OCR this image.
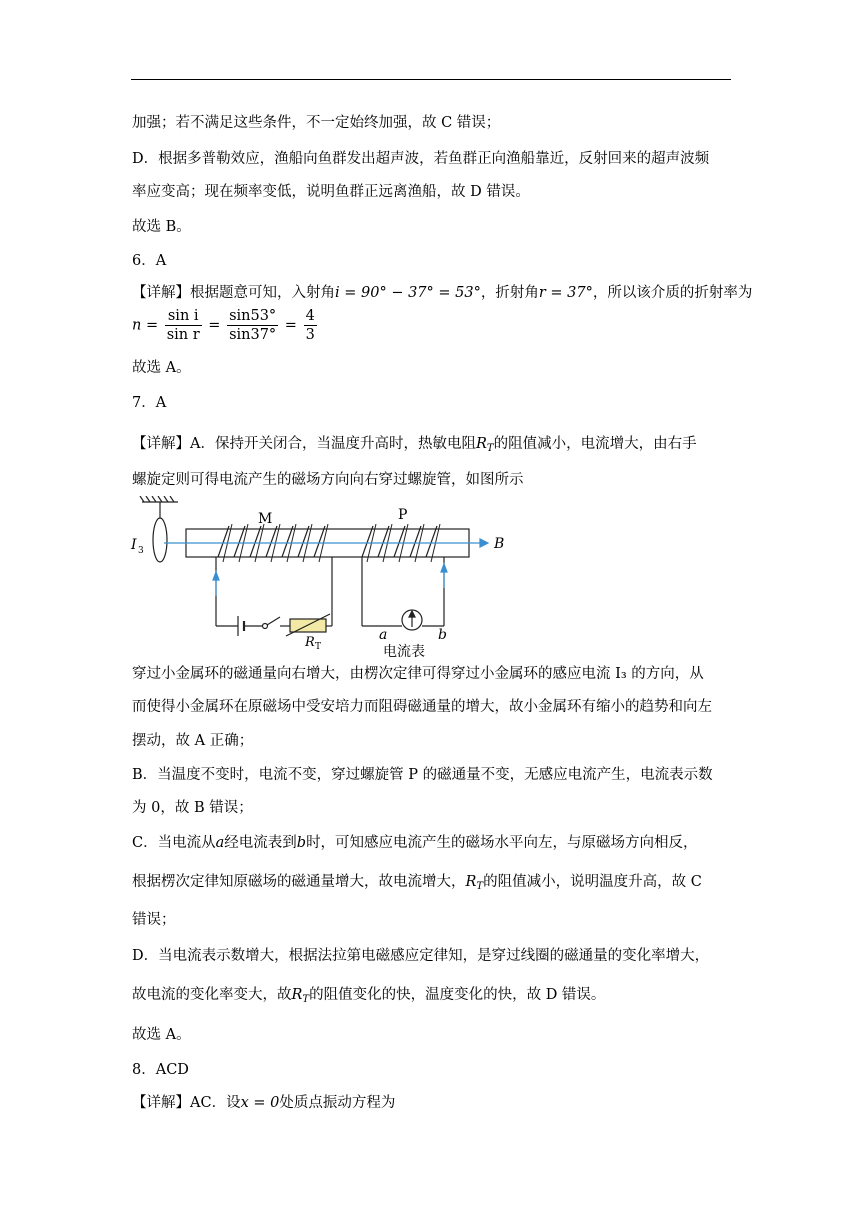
加强；若不满足这些条件，不一定始终加强，故 C 错误；
D．根据多普勒效应，渔船向鱼群发出超声波，若鱼群正向渔船靠近，反射回来的超声波频
率应变高；现在频率变低，说明鱼群正远离渔船，故 D 错误。
故选 B。
6．A
【详解】根据题意可知，入射角i = 90° − 37° = 53°，折射角r = 37°，所以该介质的折射率为
$n = \frac{\text{sin i}}{\text{sin r}} = \frac{\sin 53^\circ}{\sin 37^\circ} = \frac{4}{3}$
故选 A。
7．A
【详解】A．保持开关闭合，当温度升高时，热敏电阻$R_T$的阻值减小，电流增大，由右手
螺旋定则可得电流产生的磁场方向向右穿过螺旋管，如图所示
M	P
B
I 3
R T
a	b
电流表
穿过小金属环的磁通量向右增大，由楞次定律可得穿过小金属环的感应电流 I₃ 的方向，从
而使得小金属环在原磁场中受安培力而阻碍磁通量的增大，故小金属环有缩小的趋势和向左
摆动，故 A 正确；
B．当温度不变时，电流不变，穿过螺旋管 P 的磁通量不变，无感应电流产生，电流表示数
为 0，故 B 错误；
C．当电流从a经电流表到b时，可知感应电流产生的磁场水平向左，与原磁场方向相反，
根据楞次定律知原磁场的磁通量增大，故电流增大，$R_T$的阻值减小，说明温度升高，故 C
错误；
D．当电流表示数增大，根据法拉第电磁感应定律知，是穿过线圈的磁通量的变化率增大，
故电流的变化率变大，故$R_T$的阻值变化的快，温度变化的快，故 D 错误。
故选 A。
8．ACD
【详解】AC．设x = 0处质点振动方程为
